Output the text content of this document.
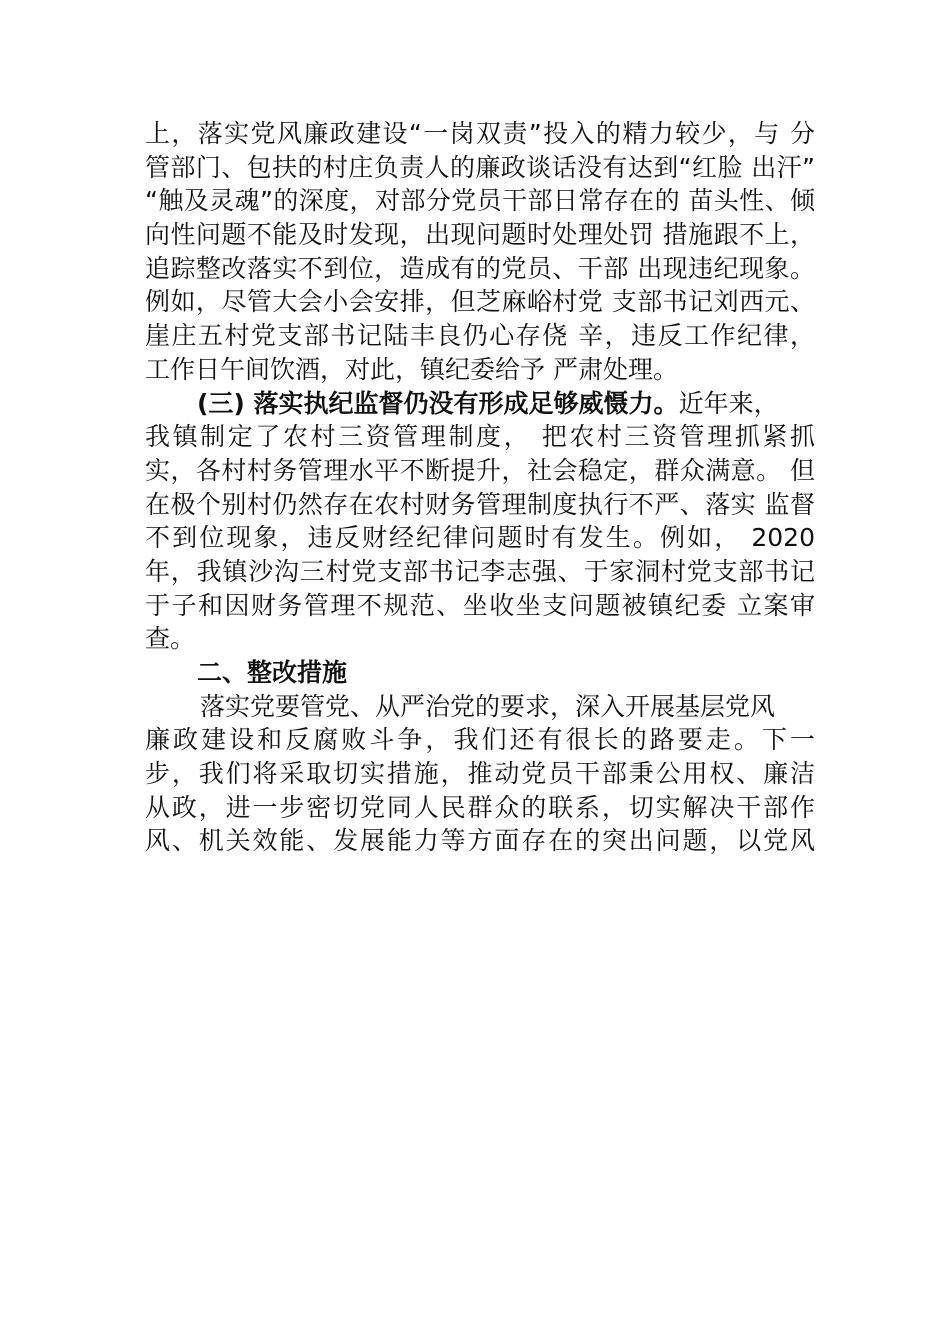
上，落实党风廉政建设“一岗双责”投入的精力较少，与 分
管部门、包扶的村庄负责人的廉政谈话没有达到“红脸 出汗”
“触及灵魂”的深度，对部分党员干部日常存在的 苗头性、倾
向性问题不能及时发现，出现问题时处理处罚 措施跟不上，
追踪整改落实不到位，造成有的党员、干部 出现违纪现象。
例如，尽管大会小会安排，但芝麻峪村党 支部书记刘西元、
崖庄五村党支部书记陆丰良仍心存侥 辛，违反工作纪律，
工作日午间饮酒，对此，镇纪委给予 严肃处理。
(三) 落实执纪监督仍没有形成足够威慑力。近年来，
我镇制定了农村三资管理制度， 把农村三资管理抓紧抓
实，各村村务管理水平不断提升，社会稳定，群众满意。 但
在极个别村仍然存在农村财务管理制度执行不严、落实 监督
不到位现象，违反财经纪律问题时有发生。例如， 2020
年，我镇沙沟三村党支部书记李志强、于家洞村党支部书记
于子和因财务管理不规范、坐收坐支问题被镇纪委 立案审
查。
二、整改措施
落实党要管党、从严治党的要求，深入开展基层党风
廉政建设和反腐败斗争，我们还有很长的路要走。下一
步，我们将采取切实措施，推动党员干部秉公用权、廉洁
从政，进一步密切党同人民群众的联系，切实解决干部作
风、机关效能、发展能力等方面存在的突出问题，以党风
